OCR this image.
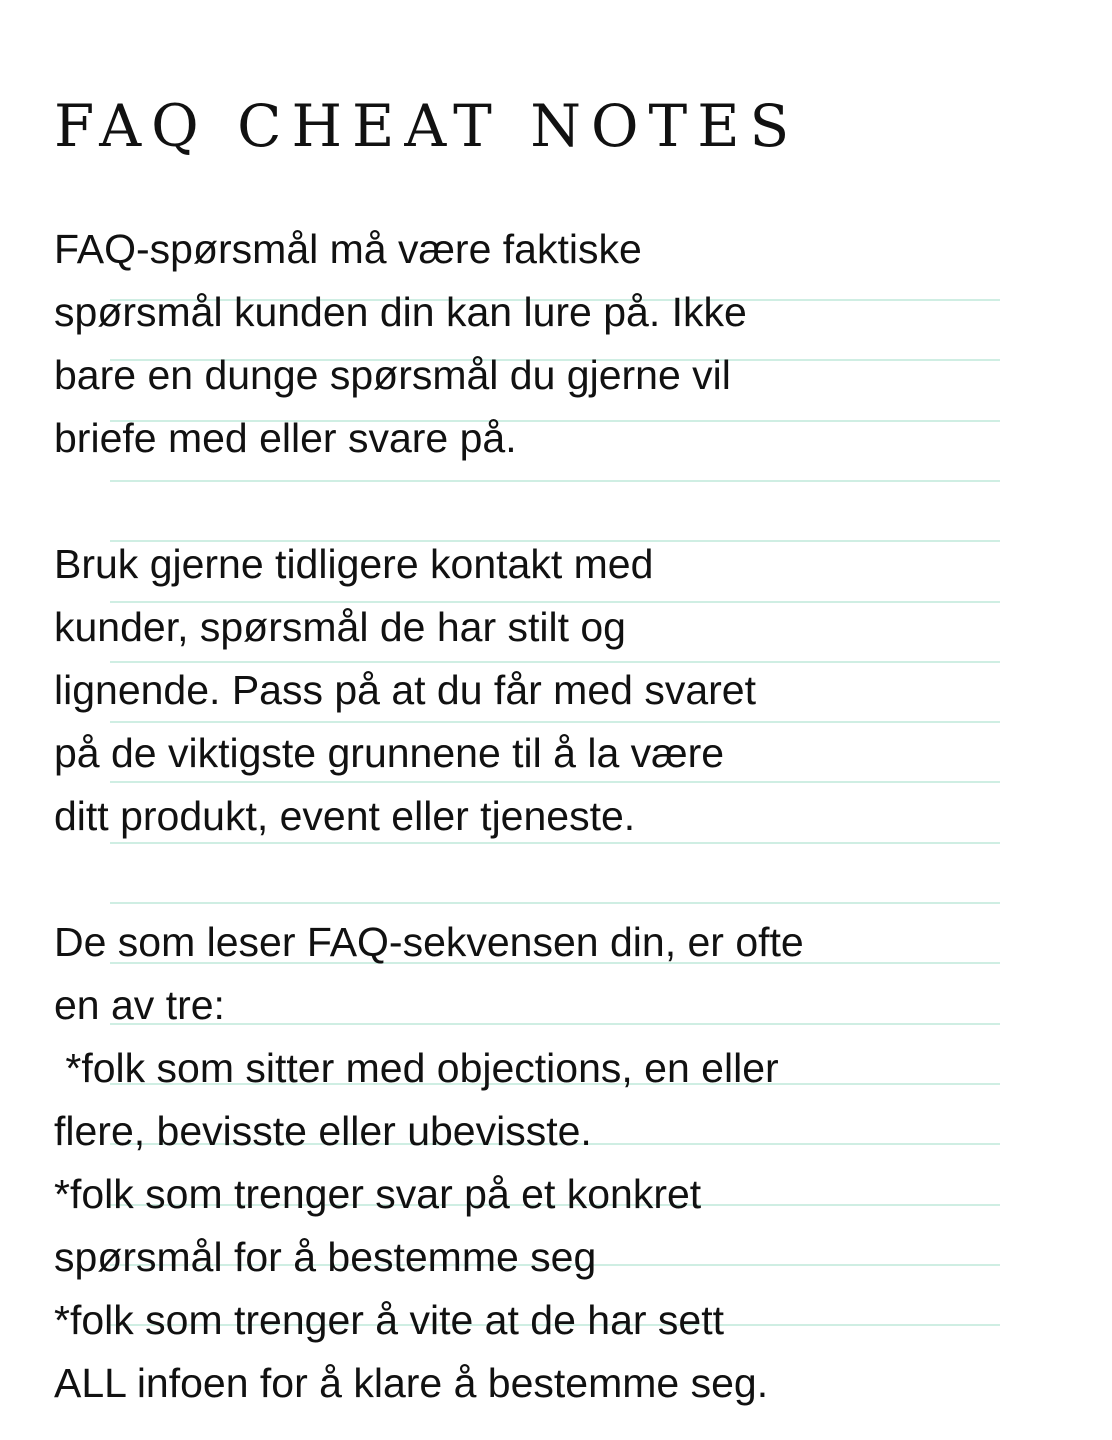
FAQ CHEAT NOTES

FAQ-spørsmål må være faktiske
spørsmål kunden din kan lure på. Ikke
bare en dunge spørsmål du gjerne vil
briefe med eller svare på.

Bruk gjerne tidligere kontakt med
kunder, spørsmål de har stilt og
lignende. Pass på at du får med svaret
på de viktigste grunnene til å la være
ditt produkt, event eller tjeneste.

De som leser FAQ-sekvensen din, er ofte
en av tre:
*folk som sitter med objections, en eller
flere, bevisste eller ubevisste.
*folk som trenger svar på et konkret
spørsmål for å bestemme seg
*folk som trenger å vite at de har sett
ALL infoen for å klare å bestemme seg.
